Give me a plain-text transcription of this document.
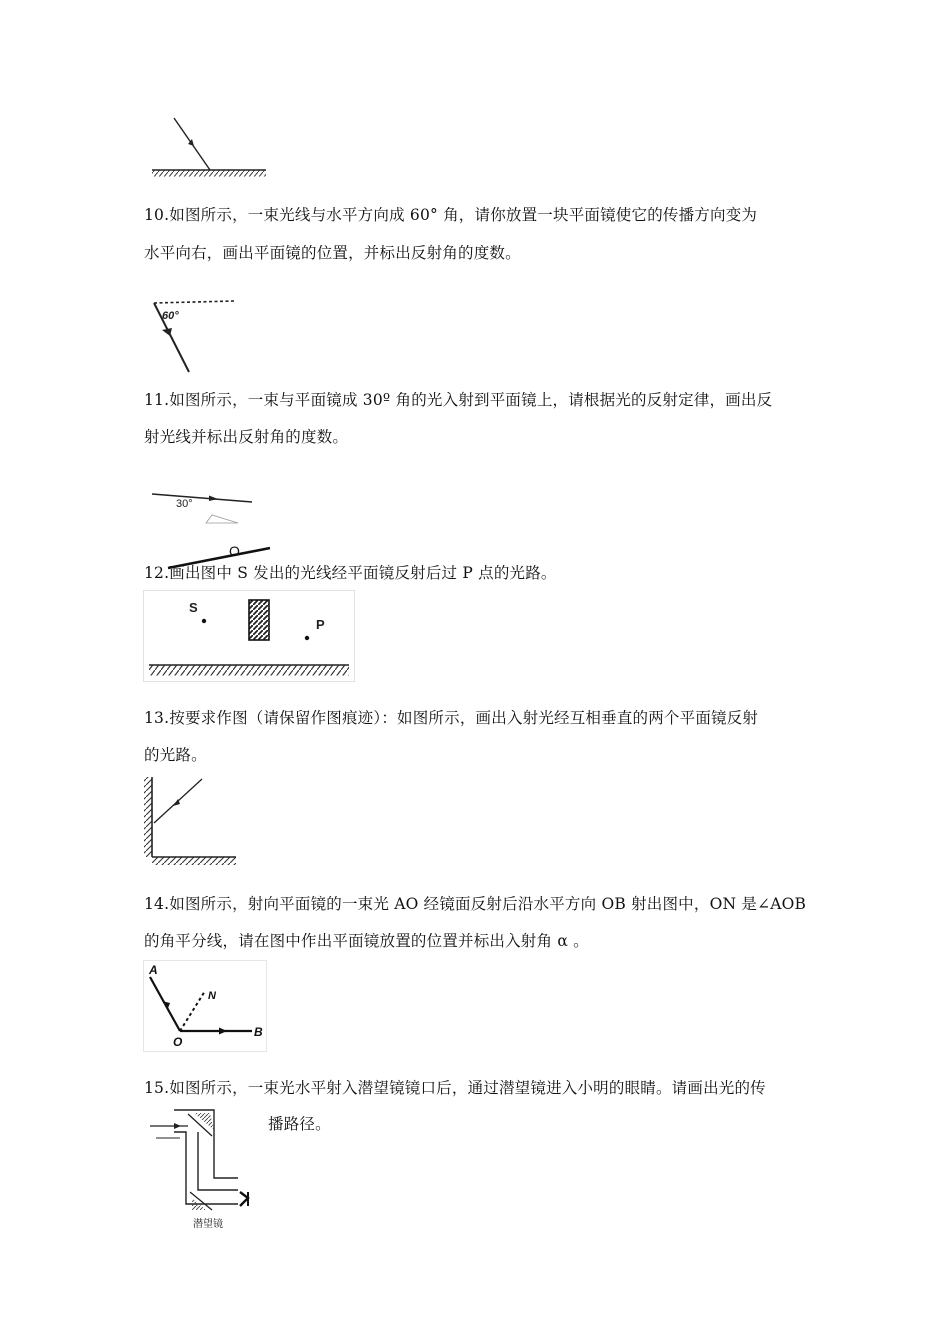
10.如图所示，一束光线与水平方向成 60° 角，请你放置一块平面镜使它的传播方向变为
水平向右，画出平面镜的位置，并标出反射角的度数。
60°
11.如图所示，一束与平面镜成 30º 角的光入射到平面镜上，请根据光的反射定律，画出反
射光线并标出反射角的度数。
30°
O
12.画出图中 S 发出的光线经平面镜反射后过 P 点的光路。
S
P
13.按要求作图（请保留作图痕迹）：如图所示，画出入射光经互相垂直的两个平面镜反射
的光路。
14.如图所示，射向平面镜的一束光 AO 经镜面反射后沿水平方向 OB 射出图中，ON 是∠AOB
的角平分线，请在图中作出平面镜放置的位置并标出入射角 α 。
A
N
O
B
15.如图所示，一束光水平射入潜望镜镜口后，通过潜望镜进入小明的眼睛。请画出光的传
播路径。
潜望镜
